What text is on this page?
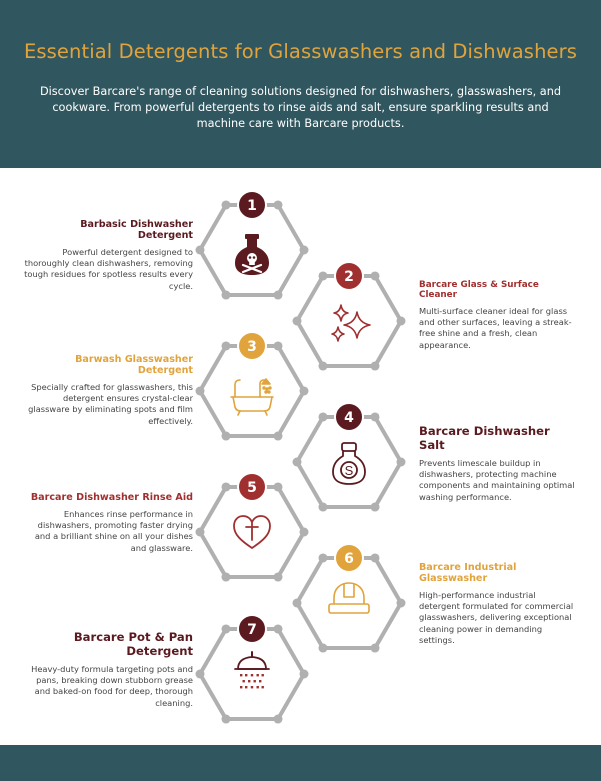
Essential Detergents for Glasswashers and Dishwashers
Discover Barcare's range of cleaning solutions designed for dishwashers, glasswashers, and cookware. From powerful detergents to rinse aids and salt, ensure sparkling results and machine care with Barcare products.
S
1
2
3
4
5
6
7
Barbasic Dishwasher Detergent

Powerful detergent designed to thoroughly clean dishwashers, removing tough residues for spotless results every cycle.	Barcare Glass & Surface Cleaner

Multi-surface cleaner ideal for glass and other surfaces, leaving a streak-free shine and a fresh, clean appearance.

Barwash Glasswasher Detergent

Specially crafted for glasswashers, this detergent ensures crystal-clear glassware by eliminating spots and film effectively.

Barcare Dishwasher Salt

Prevents limescale buildup in dishwashers, protecting machine components and maintaining optimal washing performance.

Barcare Dishwasher Rinse Aid

Enhances rinse performance in dishwashers, promoting faster drying and a brilliant shine on all your dishes and glassware.

Barcare Industrial Glasswasher

High-performance industrial detergent formulated for commercial glasswashers, delivering exceptional cleaning power in demanding settings.

Barcare Pot & Pan Detergent

Heavy-duty formula targeting pots and pans, breaking down stubborn grease and baked-on food for deep, thorough cleaning.
